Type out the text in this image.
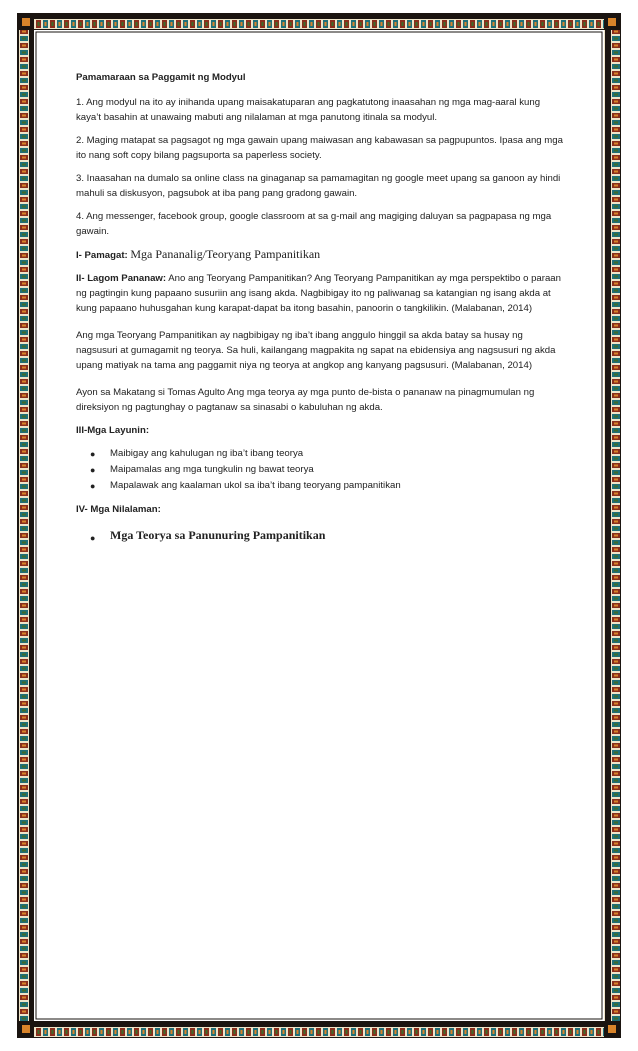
Pamamaraan sa Paggamit ng Modyul

1. Ang modyul na ito ay inihanda upang maisakatuparan ang pagkatutong inaasahan ng mga mag-aaral kung kaya’t basahin at unawaing mabuti ang nilalaman at mga panutong itinala sa modyul.

2. Maging matapat sa pagsagot ng mga gawain upang maiwasan ang kabawasan sa pagpupuntos. Ipasa ang mga ito nang soft copy bilang pagsuporta sa paperless society.

3. Inaasahan na dumalo sa online class na ginaganap sa pamamagitan ng google meet upang sa ganoon ay hindi mahuli sa diskusyon, pagsubok at iba pang pang gradong gawain.

4. Ang messenger, facebook group, google classroom at sa g-mail ang magiging daluyan sa pagpapasa ng mga gawain.

I- Pamagat: Mga Pananalig/Teoryang Pampanitikan

II- Lagom Pananaw: Ano ang Teoryang Pampanitikan? Ang Teoryang Pampanitikan ay mga perspektibo o paraan ng pagtingin kung papaano susuriin ang isang akda. Nagbibigay ito ng paliwanag sa katangian ng isang akda at kung papaano huhusgahan kung karapat-dapat ba itong basahin, panoorin o tangkilikin. (Malabanan, 2014)

Ang mga Teoryang Pampanitikan ay nagbibigay ng iba’t ibang anggulo hinggil sa akda batay sa husay ng nagsusuri at gumagamit ng teorya. Sa huli, kailangang magpakita ng sapat na ebidensiya ang nagsusuri ng akda upang matiyak na tama ang paggamit niya ng teorya at angkop ang kanyang pagsusuri. (Malabanan, 2014)

Ayon sa Makatang si Tomas Agulto Ang mga teorya ay mga punto de-bista o pananaw na pinagmumulan ng direksiyon ng pagtunghay o pagtanaw sa sinasabi o kabuluhan ng akda.

III-Mga Layunin:

● Maibigay ang kahulugan ng iba’t ibang teorya
● Maipamalas ang mga tungkulin ng bawat teorya
● Mapalawak ang kaalaman ukol sa iba’t ibang teoryang pampanitikan

IV- Mga Nilalaman:

● Mga Teorya sa Panunuring Pampanitikan
